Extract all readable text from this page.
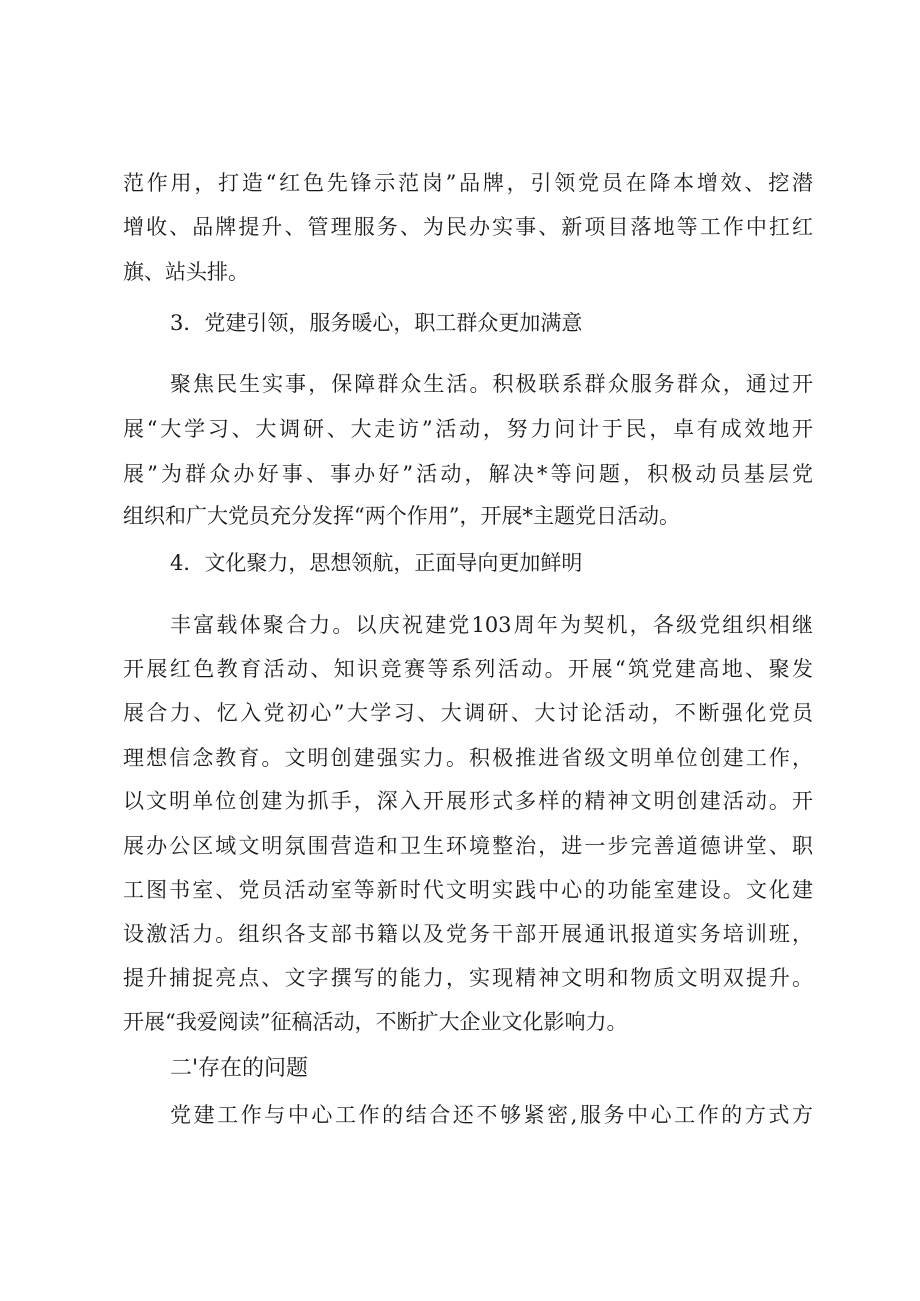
范作用，打造“红色先锋示范岗”品牌，引领党员在降本增效、挖潜
增收、品牌提升、管理服务、为民办实事、新项目落地等工作中扛红
旗、站头排。
3．党建引领，服务暖心，职工群众更加满意
聚焦民生实事，保障群众生活。积极联系群众服务群众，通过开
展“大学习、大调研、大走访”活动，努力问计于民，卓有成效地开
展”为群众办好事、事办好”活动，解决*等问题，积极动员基层党
组织和广大党员充分发挥“两个作用”，开展*主题党日活动。
4．文化聚力，思想领航，正面导向更加鲜明
丰富载体聚合力。以庆祝建党103周年为契机，各级党组织相继
开展红色教育活动、知识竞赛等系列活动。开展“筑党建高地、聚发
展合力、忆入党初心”大学习、大调研、大讨论活动，不断强化党员
理想信念教育。文明创建强实力。积极推进省级文明单位创建工作，
以文明单位创建为抓手，深入开展形式多样的精神文明创建活动。开
展办公区域文明氛围营造和卫生环境整治，进一步完善道德讲堂、职
工图书室、党员活动室等新时代文明实践中心的功能室建设。文化建
设激活力。组织各支部书籍以及党务干部开展通讯报道实务培训班，
提升捕捉亮点、文字撰写的能力，实现精神文明和物质文明双提升。
开展“我爱阅读”征稿活动，不断扩大企业文化影响力。
二'存在的问题
党建工作与中心工作的结合还不够紧密,服务中心工作的方式方
